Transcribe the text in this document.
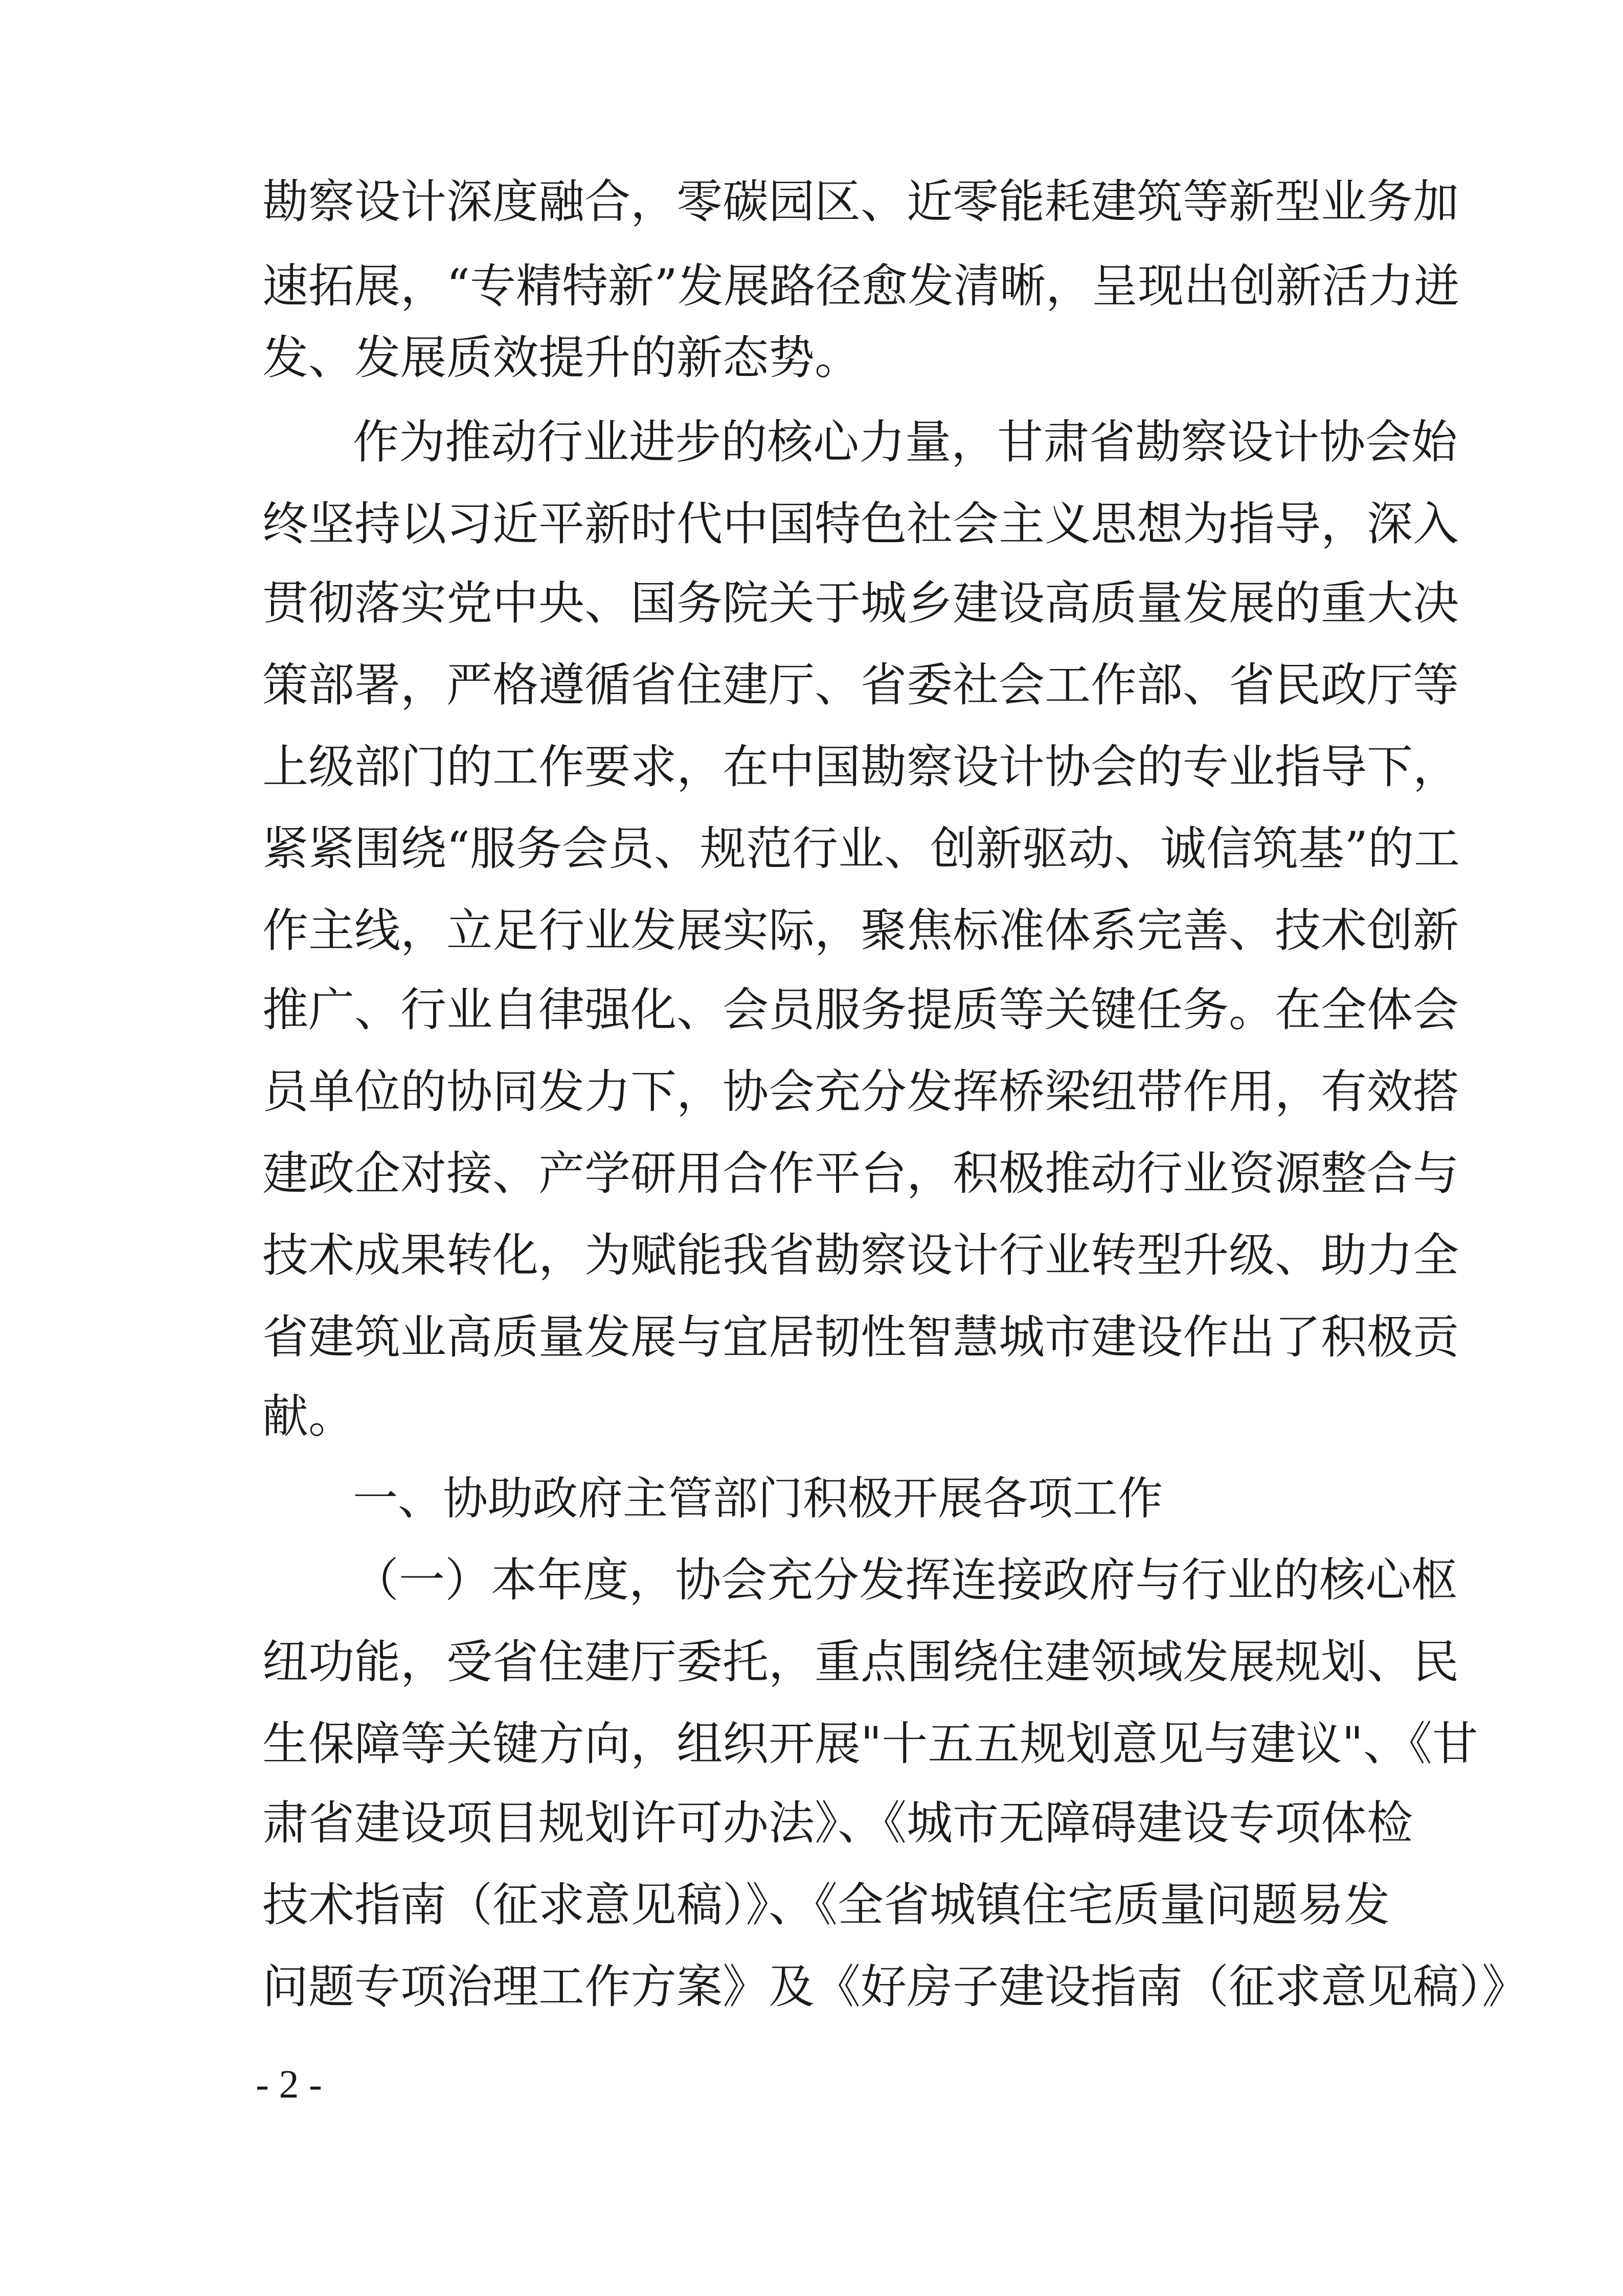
勘察设计深度融合，零碳园区、近零能耗建筑等新型业务加
速拓展，“专精特新”发展路径愈发清晰，呈现出创新活力迸
发、发展质效提升的新态势。
作为推动行业进步的核心力量，甘肃省勘察设计协会始
终坚持以习近平新时代中国特色社会主义思想为指导，深入
贯彻落实党中央、国务院关于城乡建设高质量发展的重大决
策部署，严格遵循省住建厅、省委社会工作部、省民政厅等
上级部门的工作要求，在中国勘察设计协会的专业指导下，
紧紧围绕“服务会员、规范行业、创新驱动、诚信筑基”的工
作主线，立足行业发展实际，聚焦标准体系完善、技术创新
推广、行业自律强化、会员服务提质等关键任务。在全体会
员单位的协同发力下，协会充分发挥桥梁纽带作用，有效搭
建政企对接、产学研用合作平台，积极推动行业资源整合与
技术成果转化，为赋能我省勘察设计行业转型升级、助力全
省建筑业高质量发展与宜居韧性智慧城市建设作出了积极贡
献。
一、协助政府主管部门积极开展各项工作
（一）本年度，协会充分发挥连接政府与行业的核心枢
纽功能，受省住建厅委托，重点围绕住建领域发展规划、民
生保障等关键方向，组织开展"十五五规划意见与建议"、《甘
肃省建设项目规划许可办法》、《城市无障碍建设专项体检
技术指南（征求意见稿）》、《全省城镇住宅质量问题易发
问题专项治理工作方案》及《好房子建设指南（征求意见稿）》
- 2 -
